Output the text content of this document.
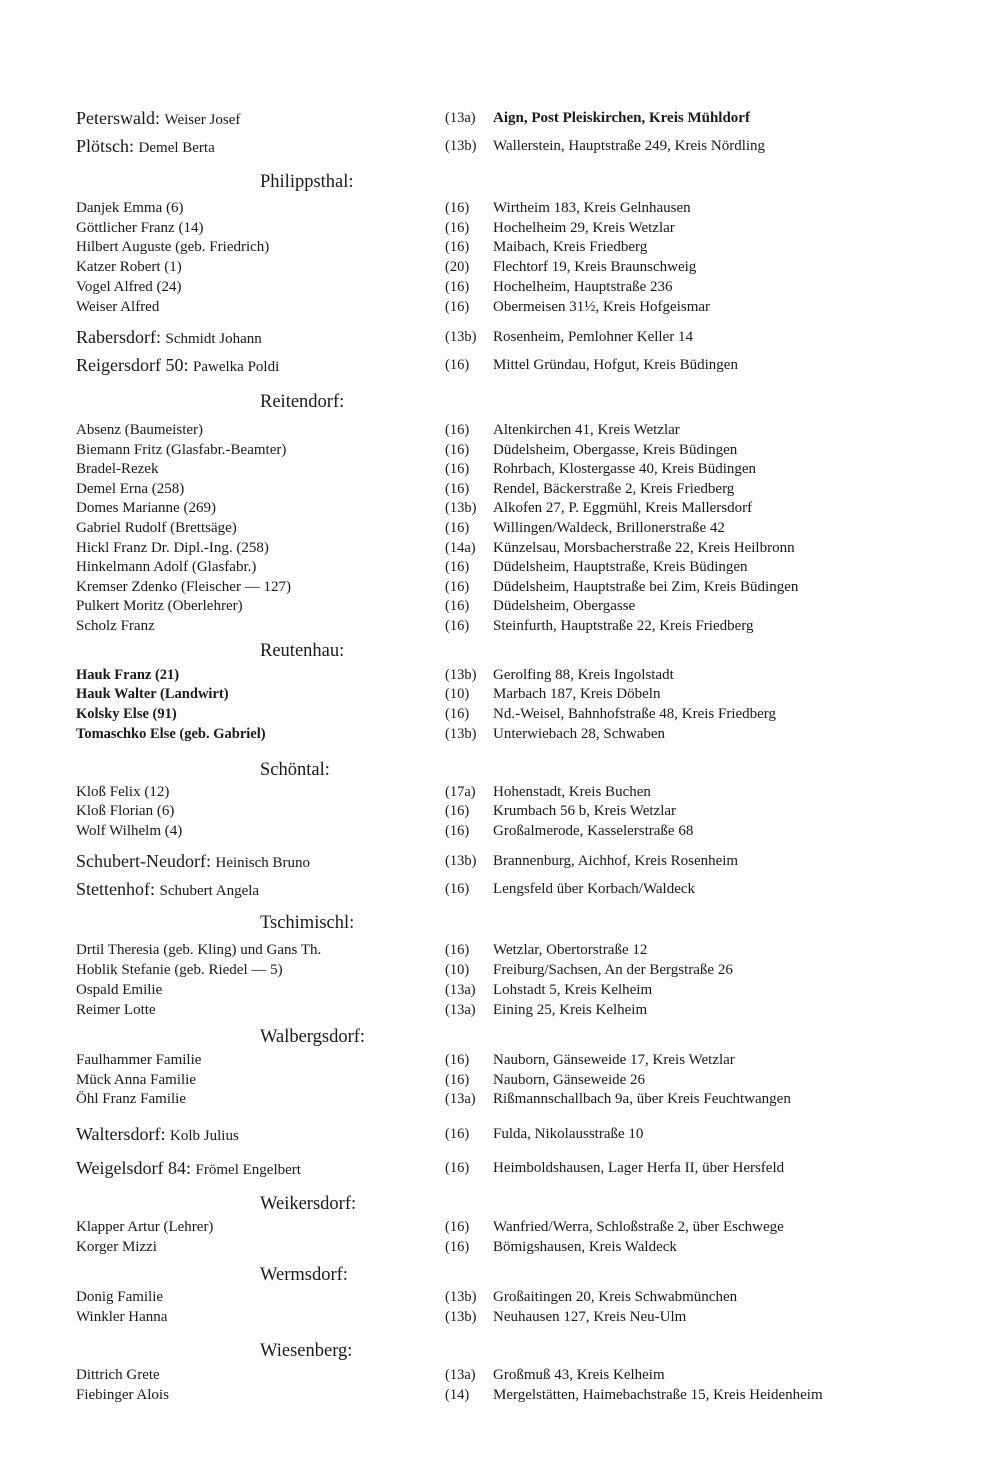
Peterswald: Weiser Josef	(13a) Aign, Post Pleiskirchen, Kreis Mühldorf
Plötsch: Demel Berta	(13b) Wallerstein, Hauptstraße 249, Kreis Nördling
Philippsthal:
Danjek Emma (6)	(16) Wirtheim 183, Kreis Gelnhausen
Göttlicher Franz (14)	(16) Hochelheim 29, Kreis Wetzlar
Hilbert Auguste (geb. Friedrich)	(16) Maibach, Kreis Friedberg
Katzer Robert (1)	(20) Flechtorf 19, Kreis Braunschweig
Vogel Alfred (24)	(16) Hochelheim, Hauptstraße 236
Weiser Alfred	(16) Obermeisen 31½, Kreis Hofgeismar
Rabersdorf: Schmidt Johann	(13b) Rosenheim, Pemlohner Keller 14
Reigersdorf 50: Pawelka Poldi	(16) Mittel Gründau, Hofgut, Kreis Büdingen
Reitendorf:
Absenz (Baumeister)	(16) Altenkirchen 41, Kreis Wetzlar
Biemann Fritz (Glasfabr.-Beamter)	(16) Düdelsheim, Obergasse, Kreis Büdingen
Bradel-Rezek	(16) Rohrbach, Klostergasse 40, Kreis Büdingen
Demel Erna (258)	(16) Rendel, Bäckerstraße 2, Kreis Friedberg
Domes Marianne (269)	(13b) Alkofen 27, P. Eggmühl, Kreis Mallersdorf
Gabriel Rudolf (Brettsäge)	(16) Willingen/Waldeck, Brillonerstraße 42
Hickl Franz Dr. Dipl.-Ing. (258)	(14a) Künzelsau, Morsbacherstraße 22, Kreis Heilbronn
Hinkelmann Adolf (Glasfabr.)	(16) Düdelsheim, Hauptstraße, Kreis Büdingen
Kremser Zdenko (Fleischer — 127)	(16) Düdelsheim, Hauptstraße bei Zim, Kreis Büdingen
Pulkert Moritz (Oberlehrer)	(16) Düdelsheim, Obergasse
Scholz Franz	(16) Steinfurth, Hauptstraße 22, Kreis Friedberg
Reutenhau:
Hauk Franz (21)	(13b) Gerolfing 88, Kreis Ingolstadt
Hauk Walter (Landwirt)	(10) Marbach 187, Kreis Döbeln
Kolsky Else (91)	(16) Nd.-Weisel, Bahnhofstraße 48, Kreis Friedberg
Tomaschko Else (geb. Gabriel)	(13b) Unterwiebach 28, Schwaben
Schöntal:
Kloß Felix (12)	(17a) Hohenstadt, Kreis Buchen
Kloß Florian (6)	(16) Krumbach 56 b, Kreis Wetzlar
Wolf Wilhelm (4)	(16) Großalmerode, Kasselerstraße 68
Schubert-Neudorf: Heinisch Bruno	(13b) Brannenburg, Aichhof, Kreis Rosenheim
Stettenhof: Schubert Angela	(16) Lengsfeld über Korbach/Waldeck
Tschimischl:
Drtil Theresia (geb. Kling) und Gans Th.	(16) Wetzlar, Obertorstraße 12
Hoblik Stefanie (geb. Riedel — 5)	(10) Freiburg/Sachsen, An der Bergstraße 26
Ospald Emilie	(13a) Lohstadt 5, Kreis Kelheim
Reimer Lotte	(13a) Eining 25, Kreis Kelheim
Walbergsdorf:
Faulhammer Familie	(16) Nauborn, Gänseweide 17, Kreis Wetzlar
Mück Anna Familie	(16) Nauborn, Gänseweide 26
Öhl Franz Familie	(13a) Rißmannschallbach 9a, über Kreis Feuchtwangen
Waltersdorf: Kolb Julius	(16) Fulda, Nikolausstraße 10
Weigelsdorf 84: Frömel Engelbert	(16) Heimboldshausen, Lager Herfa II, über Hersfeld
Weikersdorf:
Klapper Artur (Lehrer)	(16) Wanfried/Werra, Schloßstraße 2, über Eschwege
Korger Mizzi	(16) Bömigshausen, Kreis Waldeck
Wermsdorf:
Donig Familie	(13b) Großaitingen 20, Kreis Schwabmünchen
Winkler Hanna	(13b) Neuhausen 127, Kreis Neu-Ulm
Wiesenberg:
Dittrich Grete	(13a) Großmuß 43, Kreis Kelheim
Fiebinger Alois	(14) Mergelstätten, Haimebachstraße 15, Kreis Heidenheim
